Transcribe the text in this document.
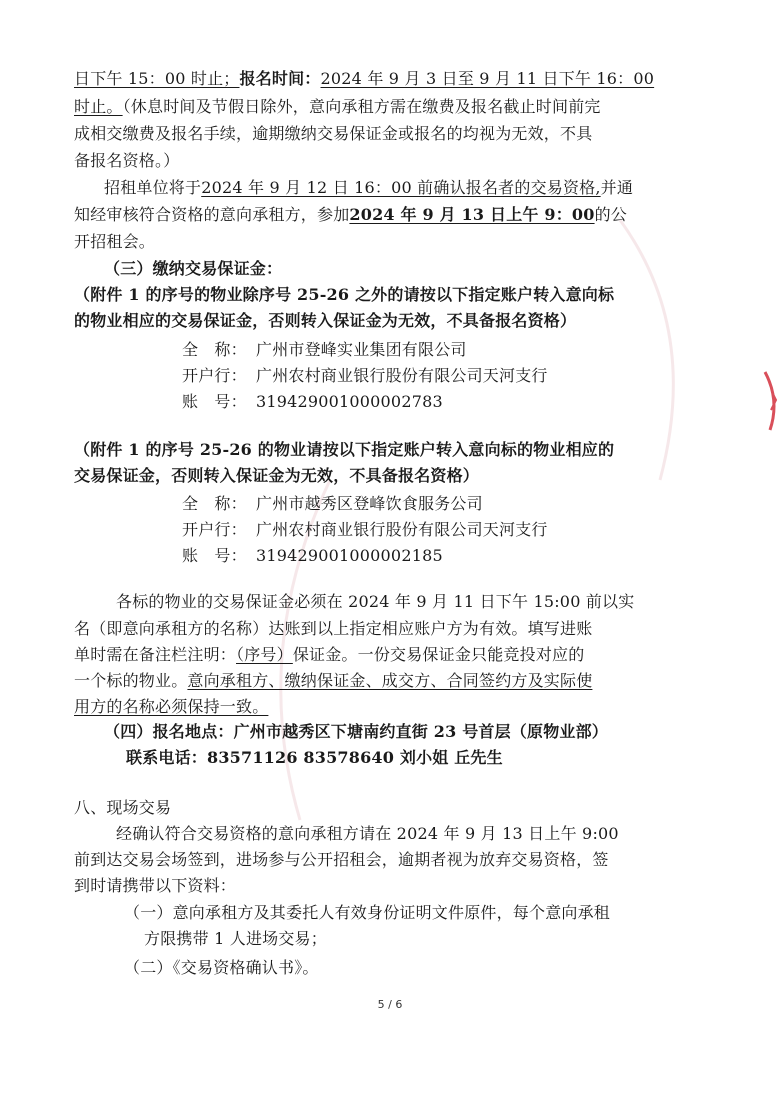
日下午 15：00 时止；报名时间：2024 年 9 月 3 日至 9 月 11 日下午 16：00
时止。（休息时间及节假日除外，意向承租方需在缴费及报名截止时间前完
成相交缴费及报名手续，逾期缴纳交易保证金或报名的均视为无效，不具
备报名资格。）
招租单位将于2024 年 9 月 12 日 16：00 前确认报名者的交易资格,并通
知经审核符合资格的意向承租方，参加2024 年 9 月 13 日上午 9：00的公
开招租会。
（三）缴纳交易保证金：
（附件 1 的序号的物业除序号 25-26 之外的请按以下指定账户转入意向标
的物业相应的交易保证金，否则转入保证金为无效，不具备报名资格）
全　称： 广州市登峰实业集团有限公司
开户行： 广州农村商业银行股份有限公司天河支行
账　号： 319429001000002783
（附件 1 的序号 25-26 的物业请按以下指定账户转入意向标的物业相应的
交易保证金，否则转入保证金为无效，不具备报名资格）
全　称： 广州市越秀区登峰饮食服务公司
开户行： 广州农村商业银行股份有限公司天河支行
账　号： 319429001000002185
各标的物业的交易保证金必须在 2024 年 9 月 11 日下午 15:00 前以实
名（即意向承租方的名称）达账到以上指定相应账户方为有效。填写进账
单时需在备注栏注明：（序号）保证金。一份交易保证金只能竞投对应的
一个标的物业。意向承租方、缴纳保证金、成交方、合同签约方及实际使
用方的名称必须保持一致。
（四）报名地点：广州市越秀区下塘南约直街 23 号首层（原物业部）
联系电话：83571126 83578640 刘小姐 丘先生
八、现场交易
经确认符合交易资格的意向承租方请在 2024 年 9 月 13 日上午 9:00
前到达交易会场签到，进场参与公开招租会，逾期者视为放弃交易资格，签
到时请携带以下资料：
（一）意向承租方及其委托人有效身份证明文件原件，每个意向承租
方限携带 1 人进场交易；
（二）《交易资格确认书》。
5 / 6
